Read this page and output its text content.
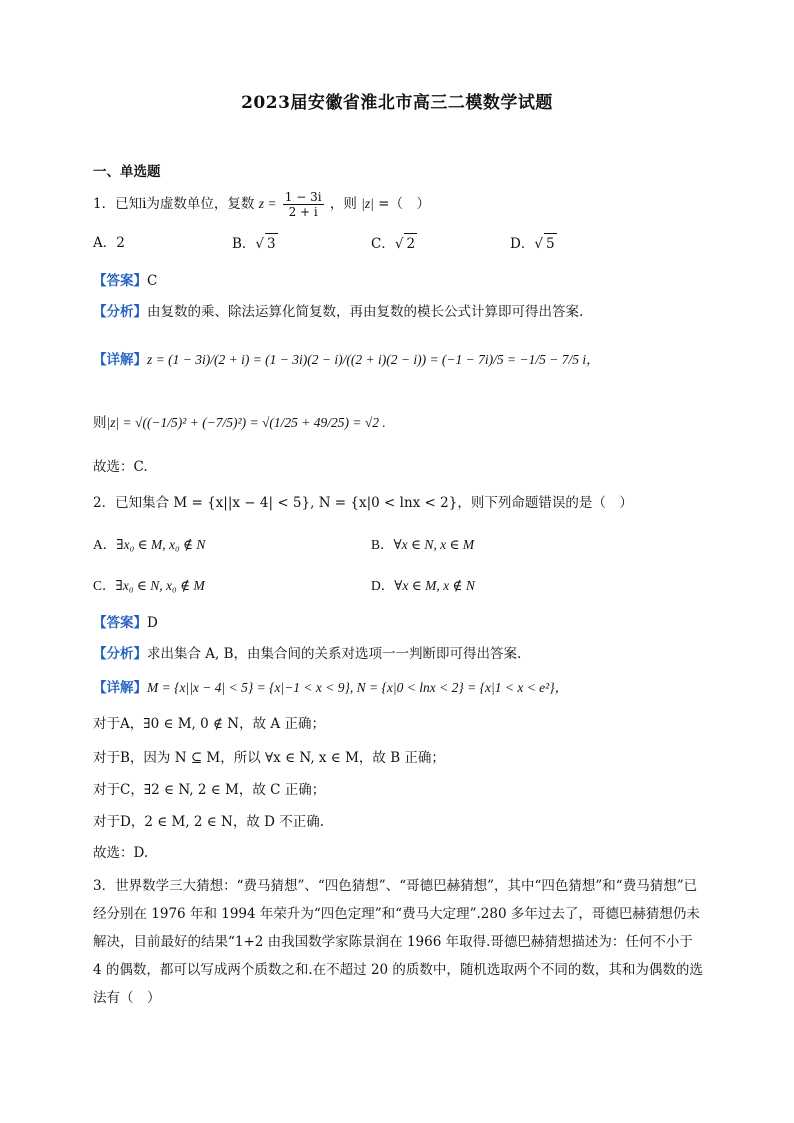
2023届安徽省淮北市高三二模数学试题
一、单选题
1．已知i为虚数单位，复数 $z = \frac{1 - 3i}{2 + i}$ ，则 |z| =（　）
A．2	B．√ 3	C．√ 2	D．√ 5
【答案】C
【分析】由复数的乘、除法运算化简复数，再由复数的模长公式计算即可得出答案.
【详解】z = (1 − 3i)/(2 + i) = (1 − 3i)(2 − i)/((2 + i)(2 − i)) = (−1 − 7i)/5 = −1/5 − 7/5 i，
则|z| = √((−1/5)² + (−7/5)²) = √(1/25 + 49/25) = √2 .
故选：C.
2．已知集合 M = {x||x − 4| < 5}, N = {x|0 < lnx < 2}，则下列命题错误的是（　）
A．∃x₀ ∈ M, x₀ ∉ N	B．∀x ∈ N, x ∈ M
C．∃x₀ ∈ N, x₀ ∉ M	D．∀x ∈ M, x ∉ N
【答案】D
【分析】求出集合 A, B，由集合间的关系对选项一一判断即可得出答案.
【详解】M = {x||x − 4| < 5} = {x|−1 < x < 9}, N = {x|0 < lnx < 2} = {x|1 < x < e²}，
对于A，∃0 ∈ M, 0 ∉ N，故 A 正确；
对于B，因为 N ⊆ M，所以 ∀x ∈ N, x ∈ M，故 B 正确；
对于C，∃2 ∈ N, 2 ∈ M，故 C 正确；
对于D，2 ∈ M, 2 ∈ N，故 D 不正确.
故选：D.
3．世界数学三大猜想：“费马猜想”、“四色猜想”、“哥德巴赫猜想”，其中“四色猜想”和“费马猜想”已经分别在 1976 年和 1994 年荣升为“四色定理”和“费马大定理”.280 多年过去了，哥德巴赫猜想仍未解决，目前最好的结果“1+2 由我国数学家陈景润在 1966 年取得.哥德巴赫猜想描述为：任何不小于 4 的偶数，都可以写成两个质数之和.在不超过 20 的质数中，随机选取两个不同的数，其和为偶数的选法有（　）
